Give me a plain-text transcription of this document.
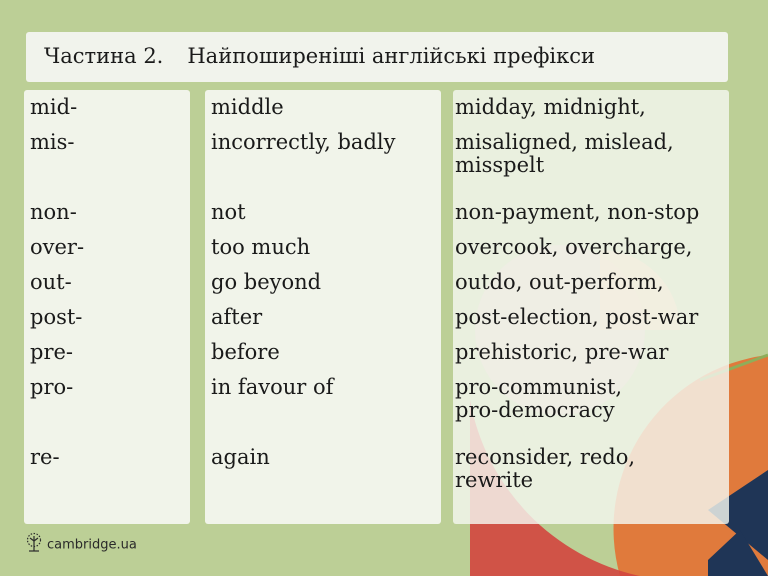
Частина 2. Найпоширеніші англійські префікси
mid-
mis-
non-
over-
out-
post-
pre-
pro-
re-
middle
incorrectly, badly
not
too much
go beyond
after
before
in favour of
again
midday, midnight,
misaligned, mislead,
misspelt
non-payment, non-stop
overcook, overcharge,
outdo, out-perform,
post-election, post-war
prehistoric, pre-war
pro-communist,
pro-democracy
reconsider, redo,
rewrite
cambridge.ua
